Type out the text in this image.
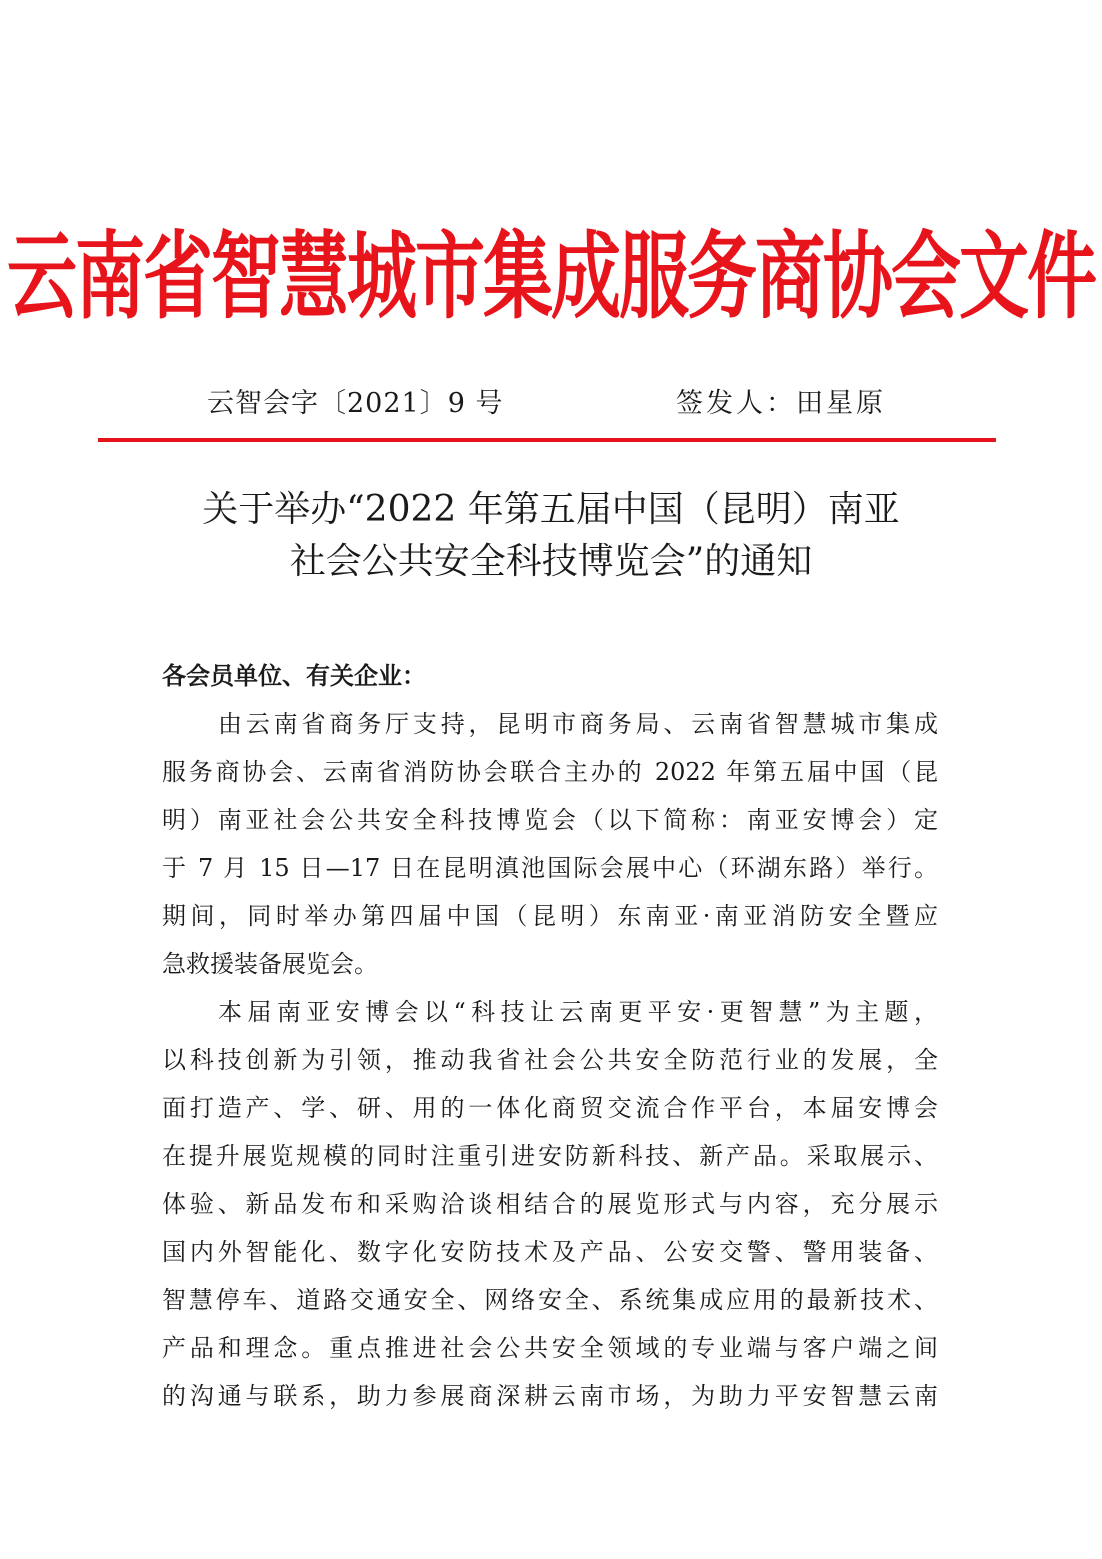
云南省智慧城市集成服务商协会文件
云智会字〔2021〕9 号	签发人：田星原
关于举办“2022 年第五届中国（昆明）南亚
社会公共安全科技博览会”的通知
各会员单位、有关企业：
由云南省商务厅支持，昆明市商务局、云南省智慧城市集成
服务商协会、云南省消防协会联合主办的 2022 年第五届中国（昆
明）南亚社会公共安全科技博览会（以下简称：南亚安博会）定
于 7 月 15 日—17 日在昆明滇池国际会展中心（环湖东路）举行。
期间，同时举办第四届中国（昆明）东南亚·南亚消防安全暨应
急救援装备展览会。
本届南亚安博会以“科技让云南更平安·更智慧”为主题，
以科技创新为引领，推动我省社会公共安全防范行业的发展，全
面打造产、学、研、用的一体化商贸交流合作平台，本届安博会
在提升展览规模的同时注重引进安防新科技、新产品。采取展示、
体验、新品发布和采购洽谈相结合的展览形式与内容，充分展示
国内外智能化、数字化安防技术及产品、公安交警、警用装备、
智慧停车、道路交通安全、网络安全、系统集成应用的最新技术、
产品和理念。重点推进社会公共安全领域的专业端与客户端之间
的沟通与联系，助力参展商深耕云南市场，为助力平安智慧云南
